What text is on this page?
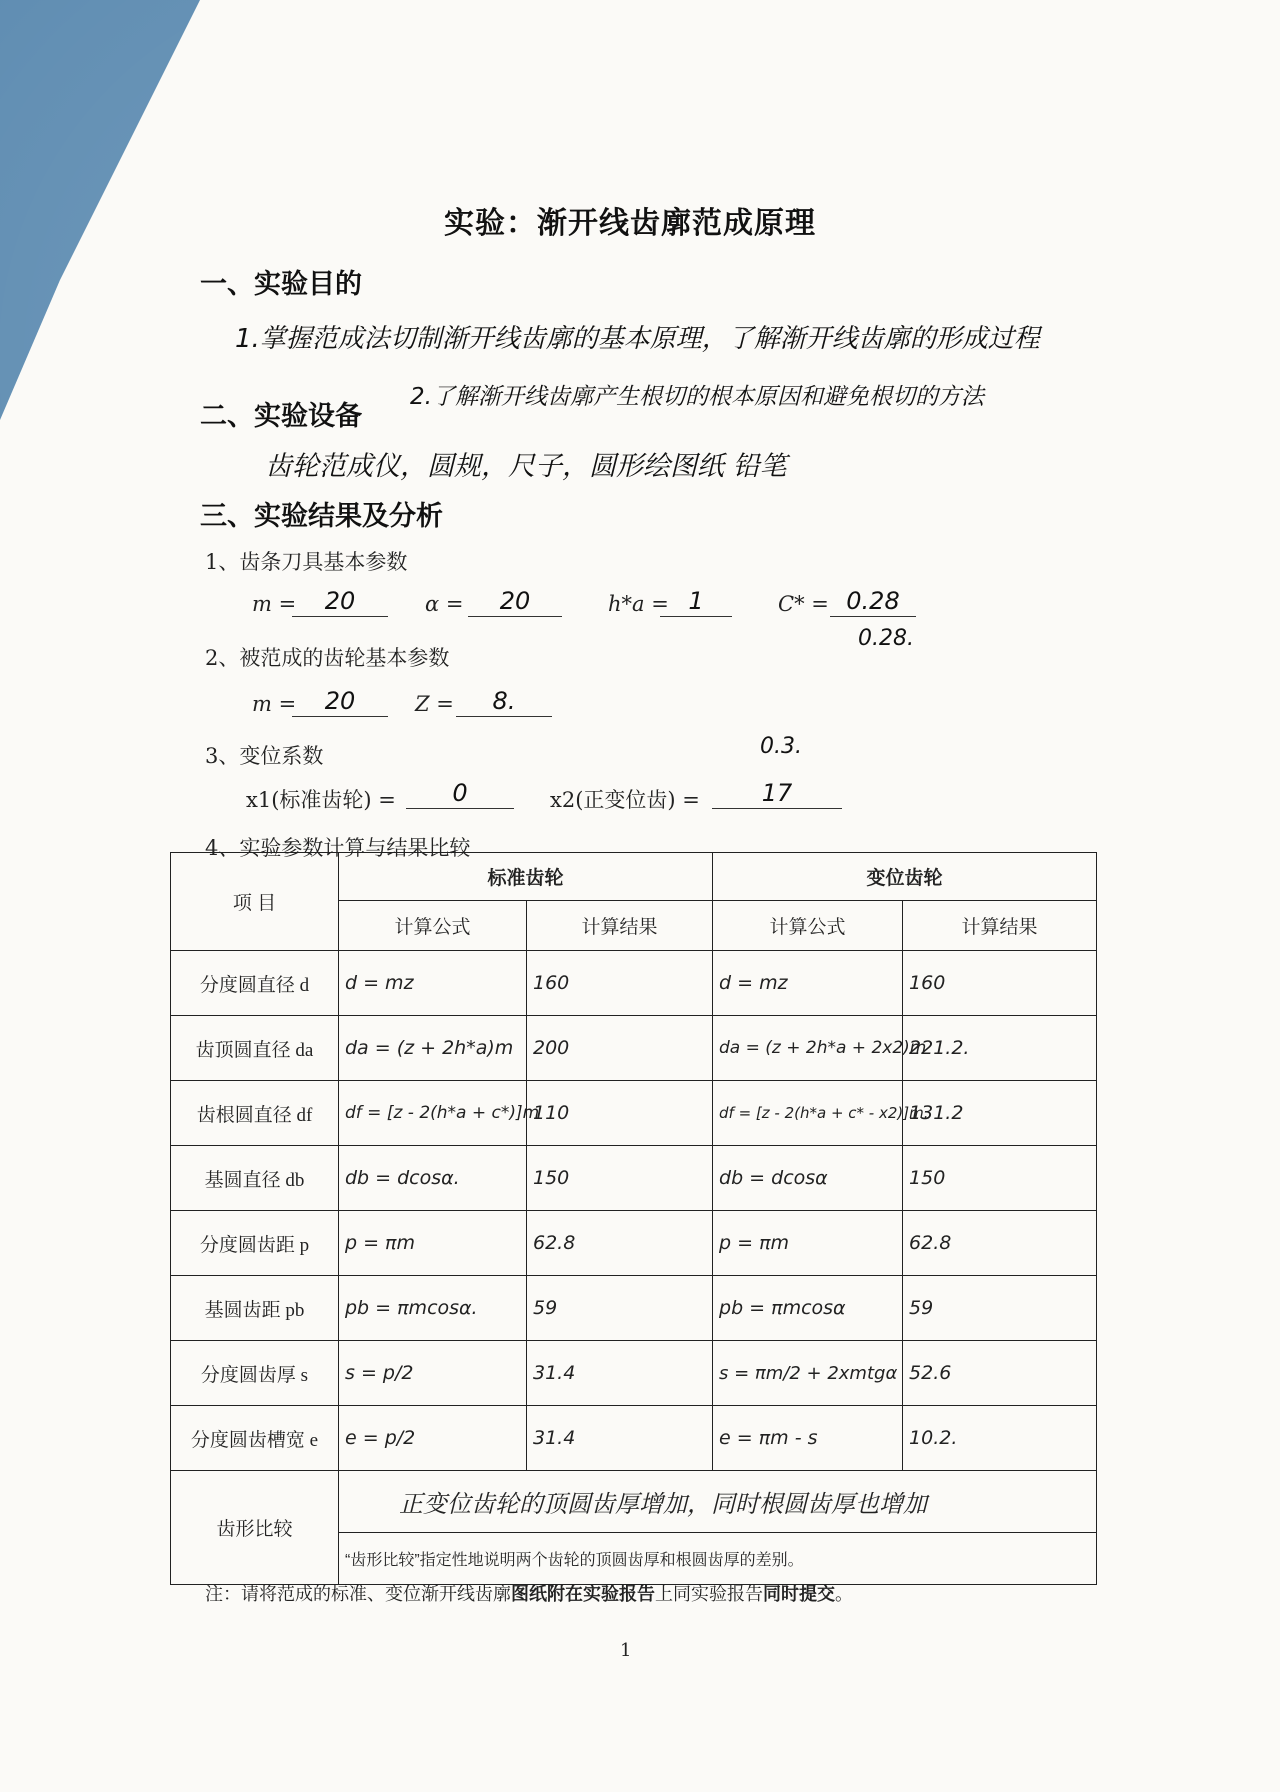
实验：渐开线齿廓范成原理
一、实验目的
1.掌握范成法切制渐开线齿廓的基本原理，了解渐开线齿廓的形成过程
2.了解渐开线齿廓产生根切的根本原因和避免根切的方法
二、实验设备
齿轮范成仪，圆规，尺子，圆形绘图纸 铅笔
三、实验结果及分析
1、齿条刀具基本参数
m =	20	α =	20	h*a = 1	C* = 0.28
0.28.
2、被范成的齿轮基本参数
m =	20	Z =	8.
3、变位系数	0.3.
x1(标准齿轮) =	0	x2(正变位齿) =	17
4、实验参数计算与结果比较
项 目	标准齿轮		变位齿轮	
	计算公式	计算结果	计算公式	计算结果
分度圆直径 d	d = mz	160	d = mz	160
齿顶圆直径 da	da = (z + 2h*a)m	200	da = (z + 2h*a + 2x2)m	221.2.
齿根圆直径 df	df = [z - 2(h*a + c*)]m	110	df = [z - 2(h*a + c* - x2)]m.	131.2
基圆直径 db	db = dcosα.	150	db = dcosα	150
分度圆齿距 p	p = πm	62.8	p = πm	62.8
基圆齿距 pb	pb = πmcosα.	59	pb = πmcosα	59
分度圆齿厚 s	s = p/2	31.4	s = πm/2 + 2xmtgα	52.6
分度圆齿槽宽 e	e = p/2	31.4	e = πm - s	10.2.
齿形比较	正变位齿轮的顶圆齿厚增加，同时根圆齿厚也增加			
	“齿形比较”指定性地说明两个齿轮的顶圆齿厚和根圆齿厚的差别。			
注：请将范成的标准、变位渐开线齿廓图纸附在实验报告上同实验报告同时提交。
1
